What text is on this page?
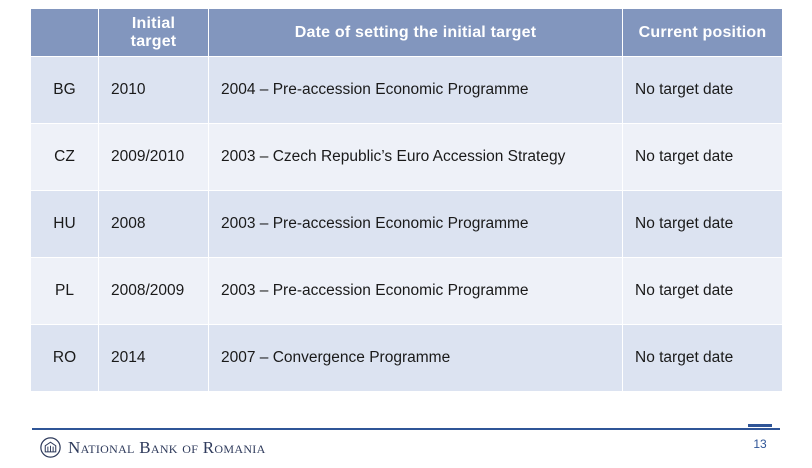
	Initial target	Date of setting the initial target	Current position
BG	2010	2004 – Pre-accession Economic Programme	No target date
CZ	2009/2010	2003 – Czech Republic’s Euro Accession Strategy	No target date
HU	2008	2003 – Pre-accession Economic Programme	No target date
PL	2008/2009	2003 – Pre-accession Economic Programme	No target date
RO	2014	2007 – Convergence Programme	No target date
National Bank of Romania	13
